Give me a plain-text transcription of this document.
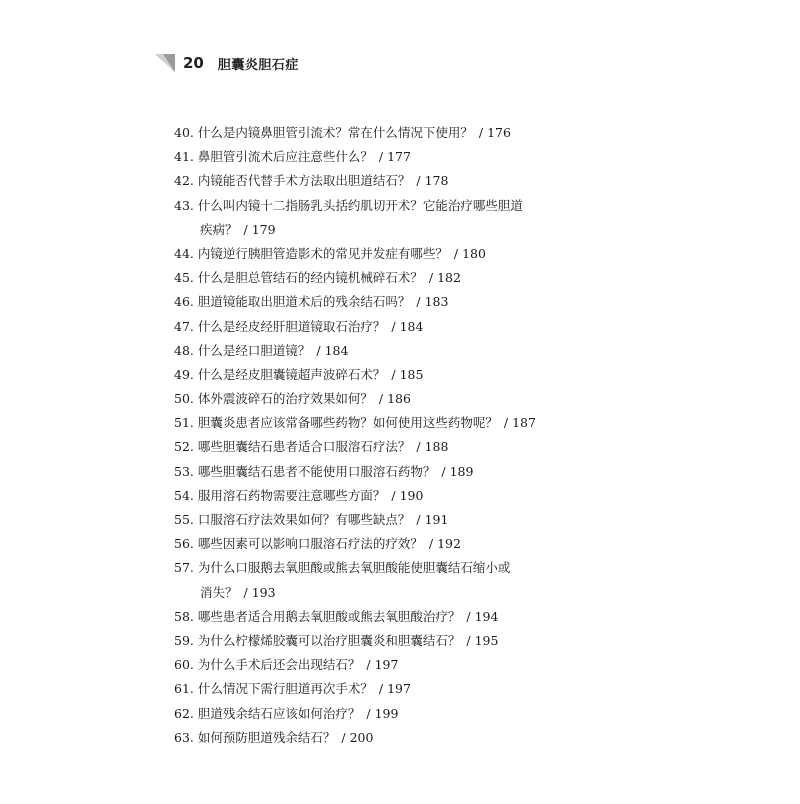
20 胆囊炎胆石症
40. 什么是内镜鼻胆管引流术？常在什么情况下使用？ / 176
41. 鼻胆管引流术后应注意些什么？ / 177
42. 内镜能否代替手术方法取出胆道结石？ / 178
43. 什么叫内镜十二指肠乳头括约肌切开术？它能治疗哪些胆道
疾病？ / 179
44. 内镜逆行胰胆管造影术的常见并发症有哪些？ / 180
45. 什么是胆总管结石的经内镜机械碎石术？ / 182
46. 胆道镜能取出胆道术后的残余结石吗？ / 183
47. 什么是经皮经肝胆道镜取石治疗？ / 184
48. 什么是经口胆道镜？ / 184
49. 什么是经皮胆囊镜超声波碎石术？ / 185
50. 体外震波碎石的治疗效果如何？ / 186
51. 胆囊炎患者应该常备哪些药物？如何使用这些药物呢？ / 187
52. 哪些胆囊结石患者适合口服溶石疗法？ / 188
53. 哪些胆囊结石患者不能使用口服溶石药物？ / 189
54. 服用溶石药物需要注意哪些方面？ / 190
55. 口服溶石疗法效果如何？有哪些缺点？ / 191
56. 哪些因素可以影响口服溶石疗法的疗效？ / 192
57. 为什么口服鹅去氧胆酸或熊去氧胆酸能使胆囊结石缩小或
消失？ / 193
58. 哪些患者适合用鹅去氧胆酸或熊去氧胆酸治疗？ / 194
59. 为什么柠檬烯胶囊可以治疗胆囊炎和胆囊结石？ / 195
60. 为什么手术后还会出现结石？ / 197
61. 什么情况下需行胆道再次手术？ / 197
62. 胆道残余结石应该如何治疗？ / 199
63. 如何预防胆道残余结石？ / 200
